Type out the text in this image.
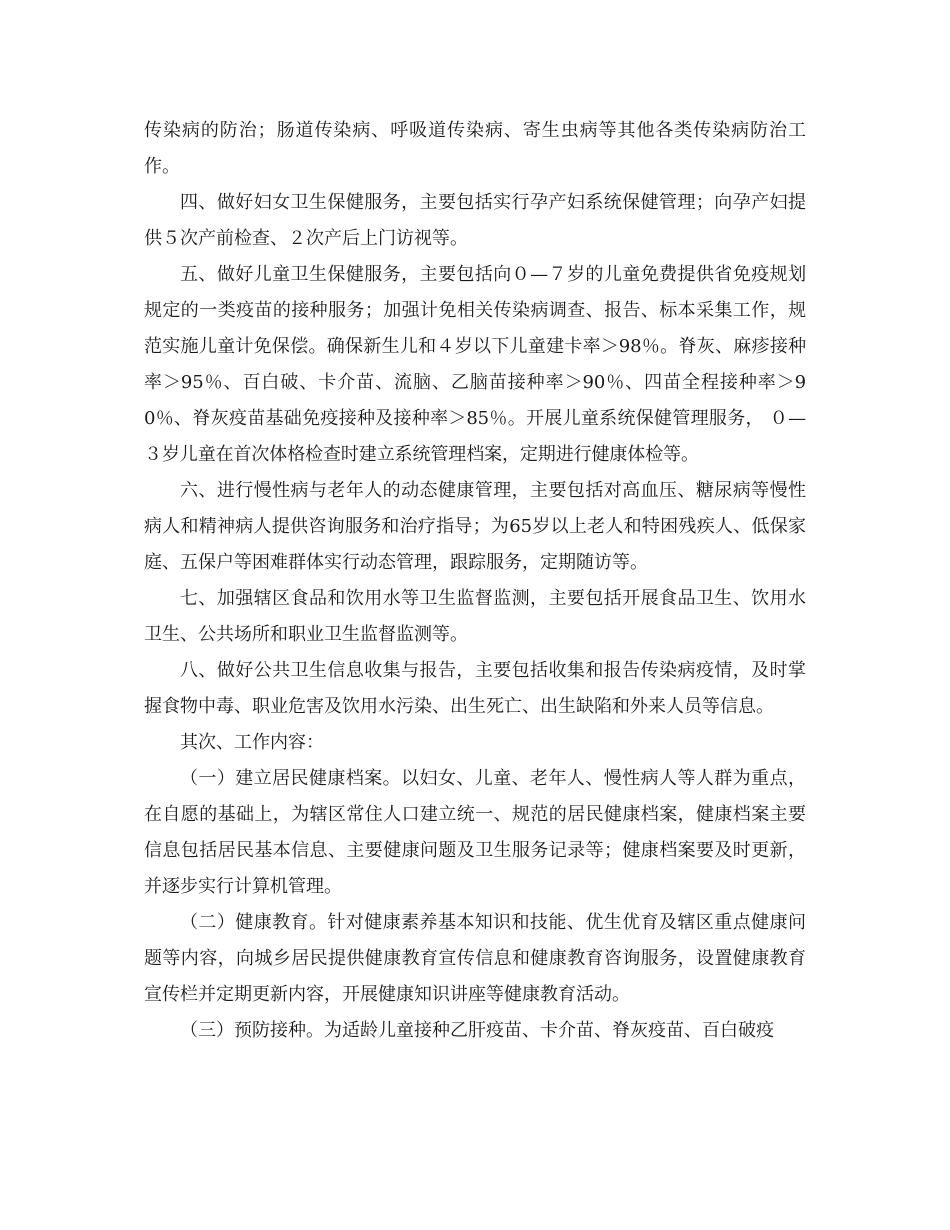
传染病的防治；肠道传染病、呼吸道传染病、寄生虫病等其他各类传染病防治工作。

四、做好妇女卫生保健服务，主要包括实行孕产妇系统保健管理；向孕产妇提供５次产前检查、２次产后上门访视等。

五、做好儿童卫生保健服务，主要包括向０—７岁的儿童免费提供省免疫规划规定的一类疫苗的接种服务；加强计免相关传染病调查、报告、标本采集工作，规范实施儿童计免保偿。确保新生儿和４岁以下儿童建卡率＞98％。脊灰、麻疹接种率＞95％、百白破、卡介苗、流脑、乙脑苗接种率＞90％、四苗全程接种率＞90％、脊灰疫苗基础免疫接种及接种率＞85％。开展儿童系统保健管理服务， ０—３岁儿童在首次体格检查时建立系统管理档案，定期进行健康体检等。

六、进行慢性病与老年人的动态健康管理，主要包括对高血压、糖尿病等慢性病人和精神病人提供咨询服务和治疗指导；为65岁以上老人和特困残疾人、低保家庭、五保户等困难群体实行动态管理，跟踪服务，定期随访等。

七、加强辖区食品和饮用水等卫生监督监测，主要包括开展食品卫生、饮用水卫生、公共场所和职业卫生监督监测等。

八、做好公共卫生信息收集与报告，主要包括收集和报告传染病疫情，及时掌握食物中毒、职业危害及饮用水污染、出生死亡、出生缺陷和外来人员等信息。

其次、工作内容：

（一）建立居民健康档案。以妇女、儿童、老年人、慢性病人等人群为重点，在自愿的基础上，为辖区常住人口建立统一、规范的居民健康档案，健康档案主要信息包括居民基本信息、主要健康问题及卫生服务记录等；健康档案要及时更新，并逐步实行计算机管理。

（二）健康教育。针对健康素养基本知识和技能、优生优育及辖区重点健康问题等内容，向城乡居民提供健康教育宣传信息和健康教育咨询服务，设置健康教育宣传栏并定期更新内容，开展健康知识讲座等健康教育活动。

（三）预防接种。为适龄儿童接种乙肝疫苗、卡介苗、脊灰疫苗、百白破疫
